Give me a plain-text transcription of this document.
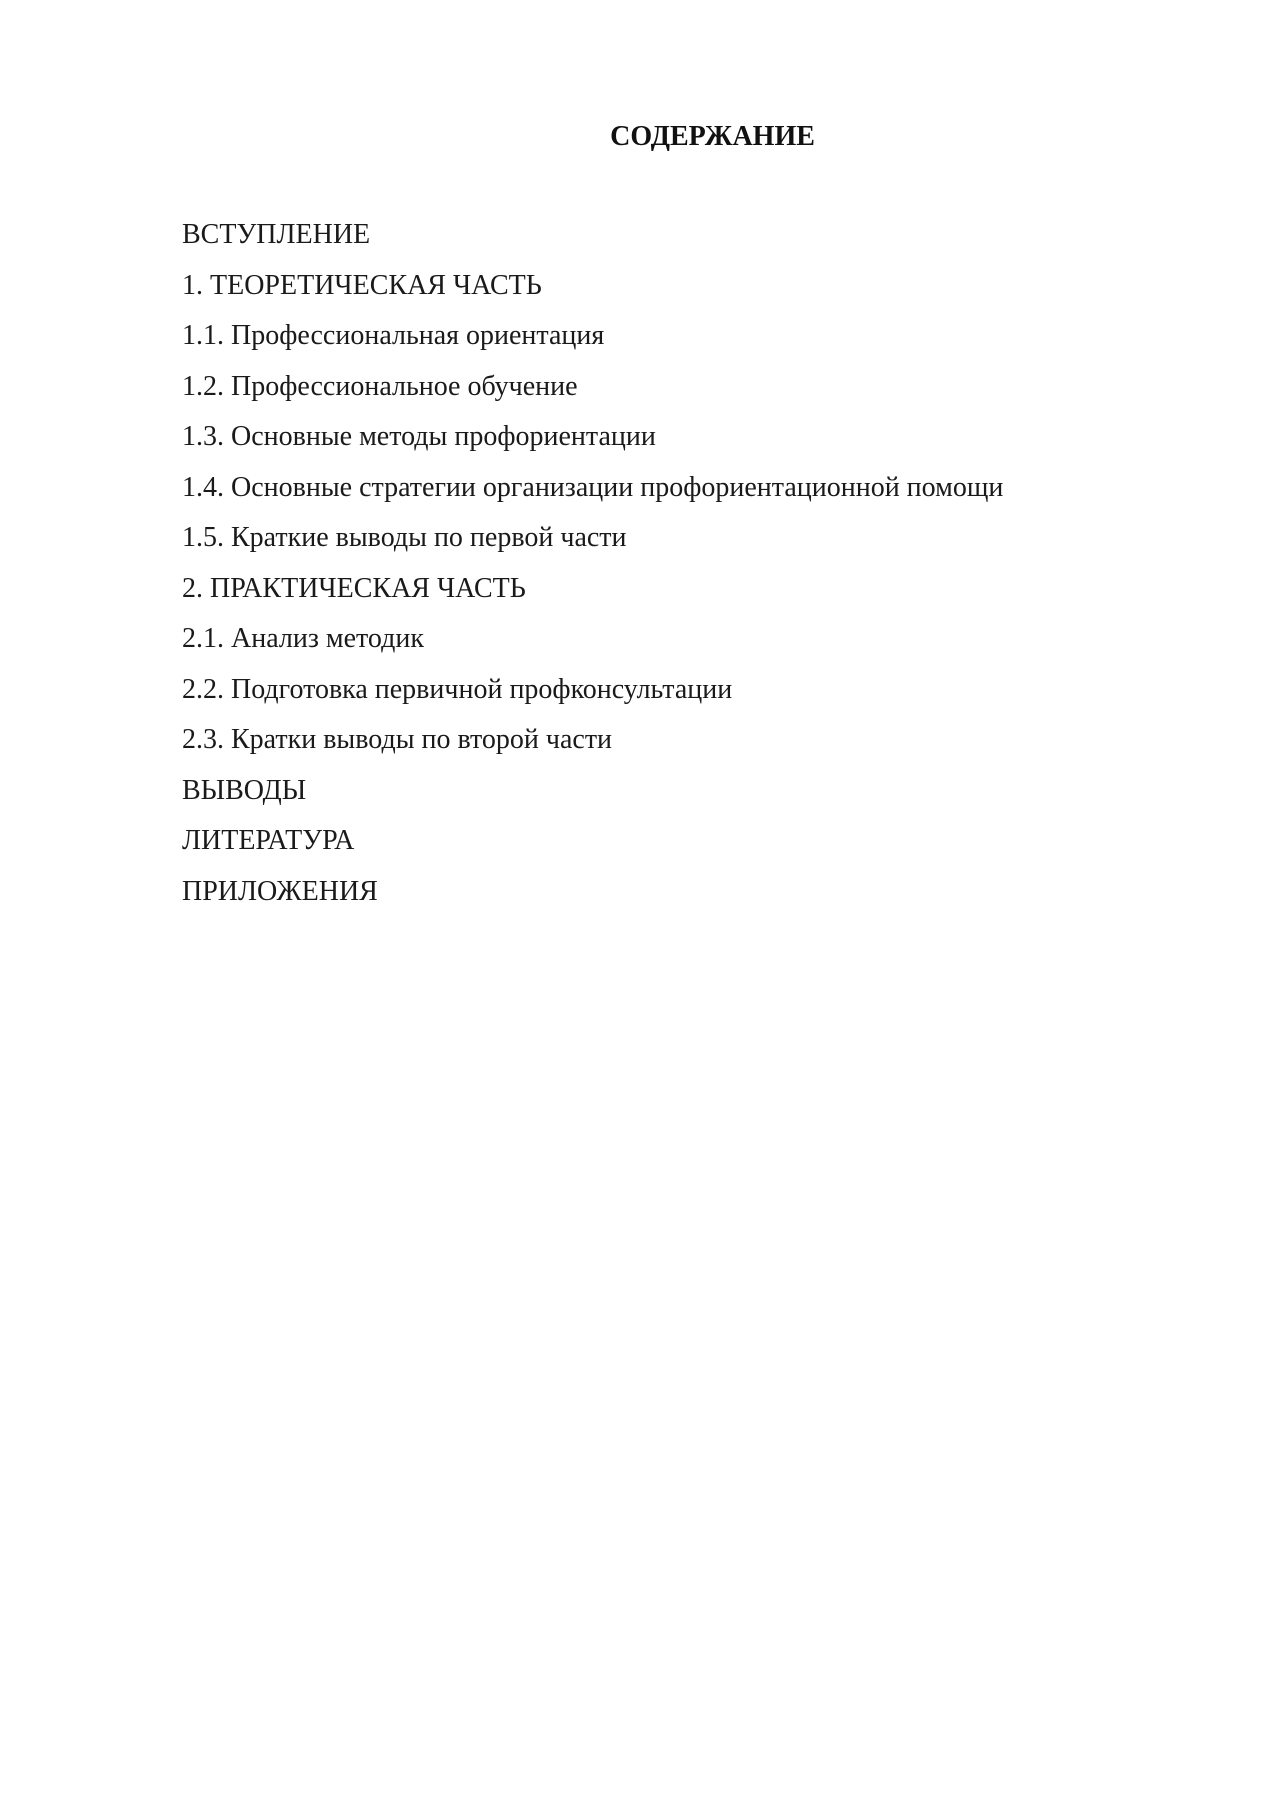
СОДЕРЖАНИЕ
ВСТУПЛЕНИЕ
1. ТЕОРЕТИЧЕСКАЯ ЧАСТЬ
1.1. Профессиональная ориентация
1.2. Профессиональное обучение
1.3. Основные методы профориентации
1.4. Основные стратегии организации профориентационной помощи
1.5. Краткие выводы по первой части
2. ПРАКТИЧЕСКАЯ ЧАСТЬ
2.1. Анализ методик
2.2. Подготовка первичной профконсультации
2.3. Кратки выводы по второй части
ВЫВОДЫ
ЛИТЕРАТУРА
ПРИЛОЖЕНИЯ
